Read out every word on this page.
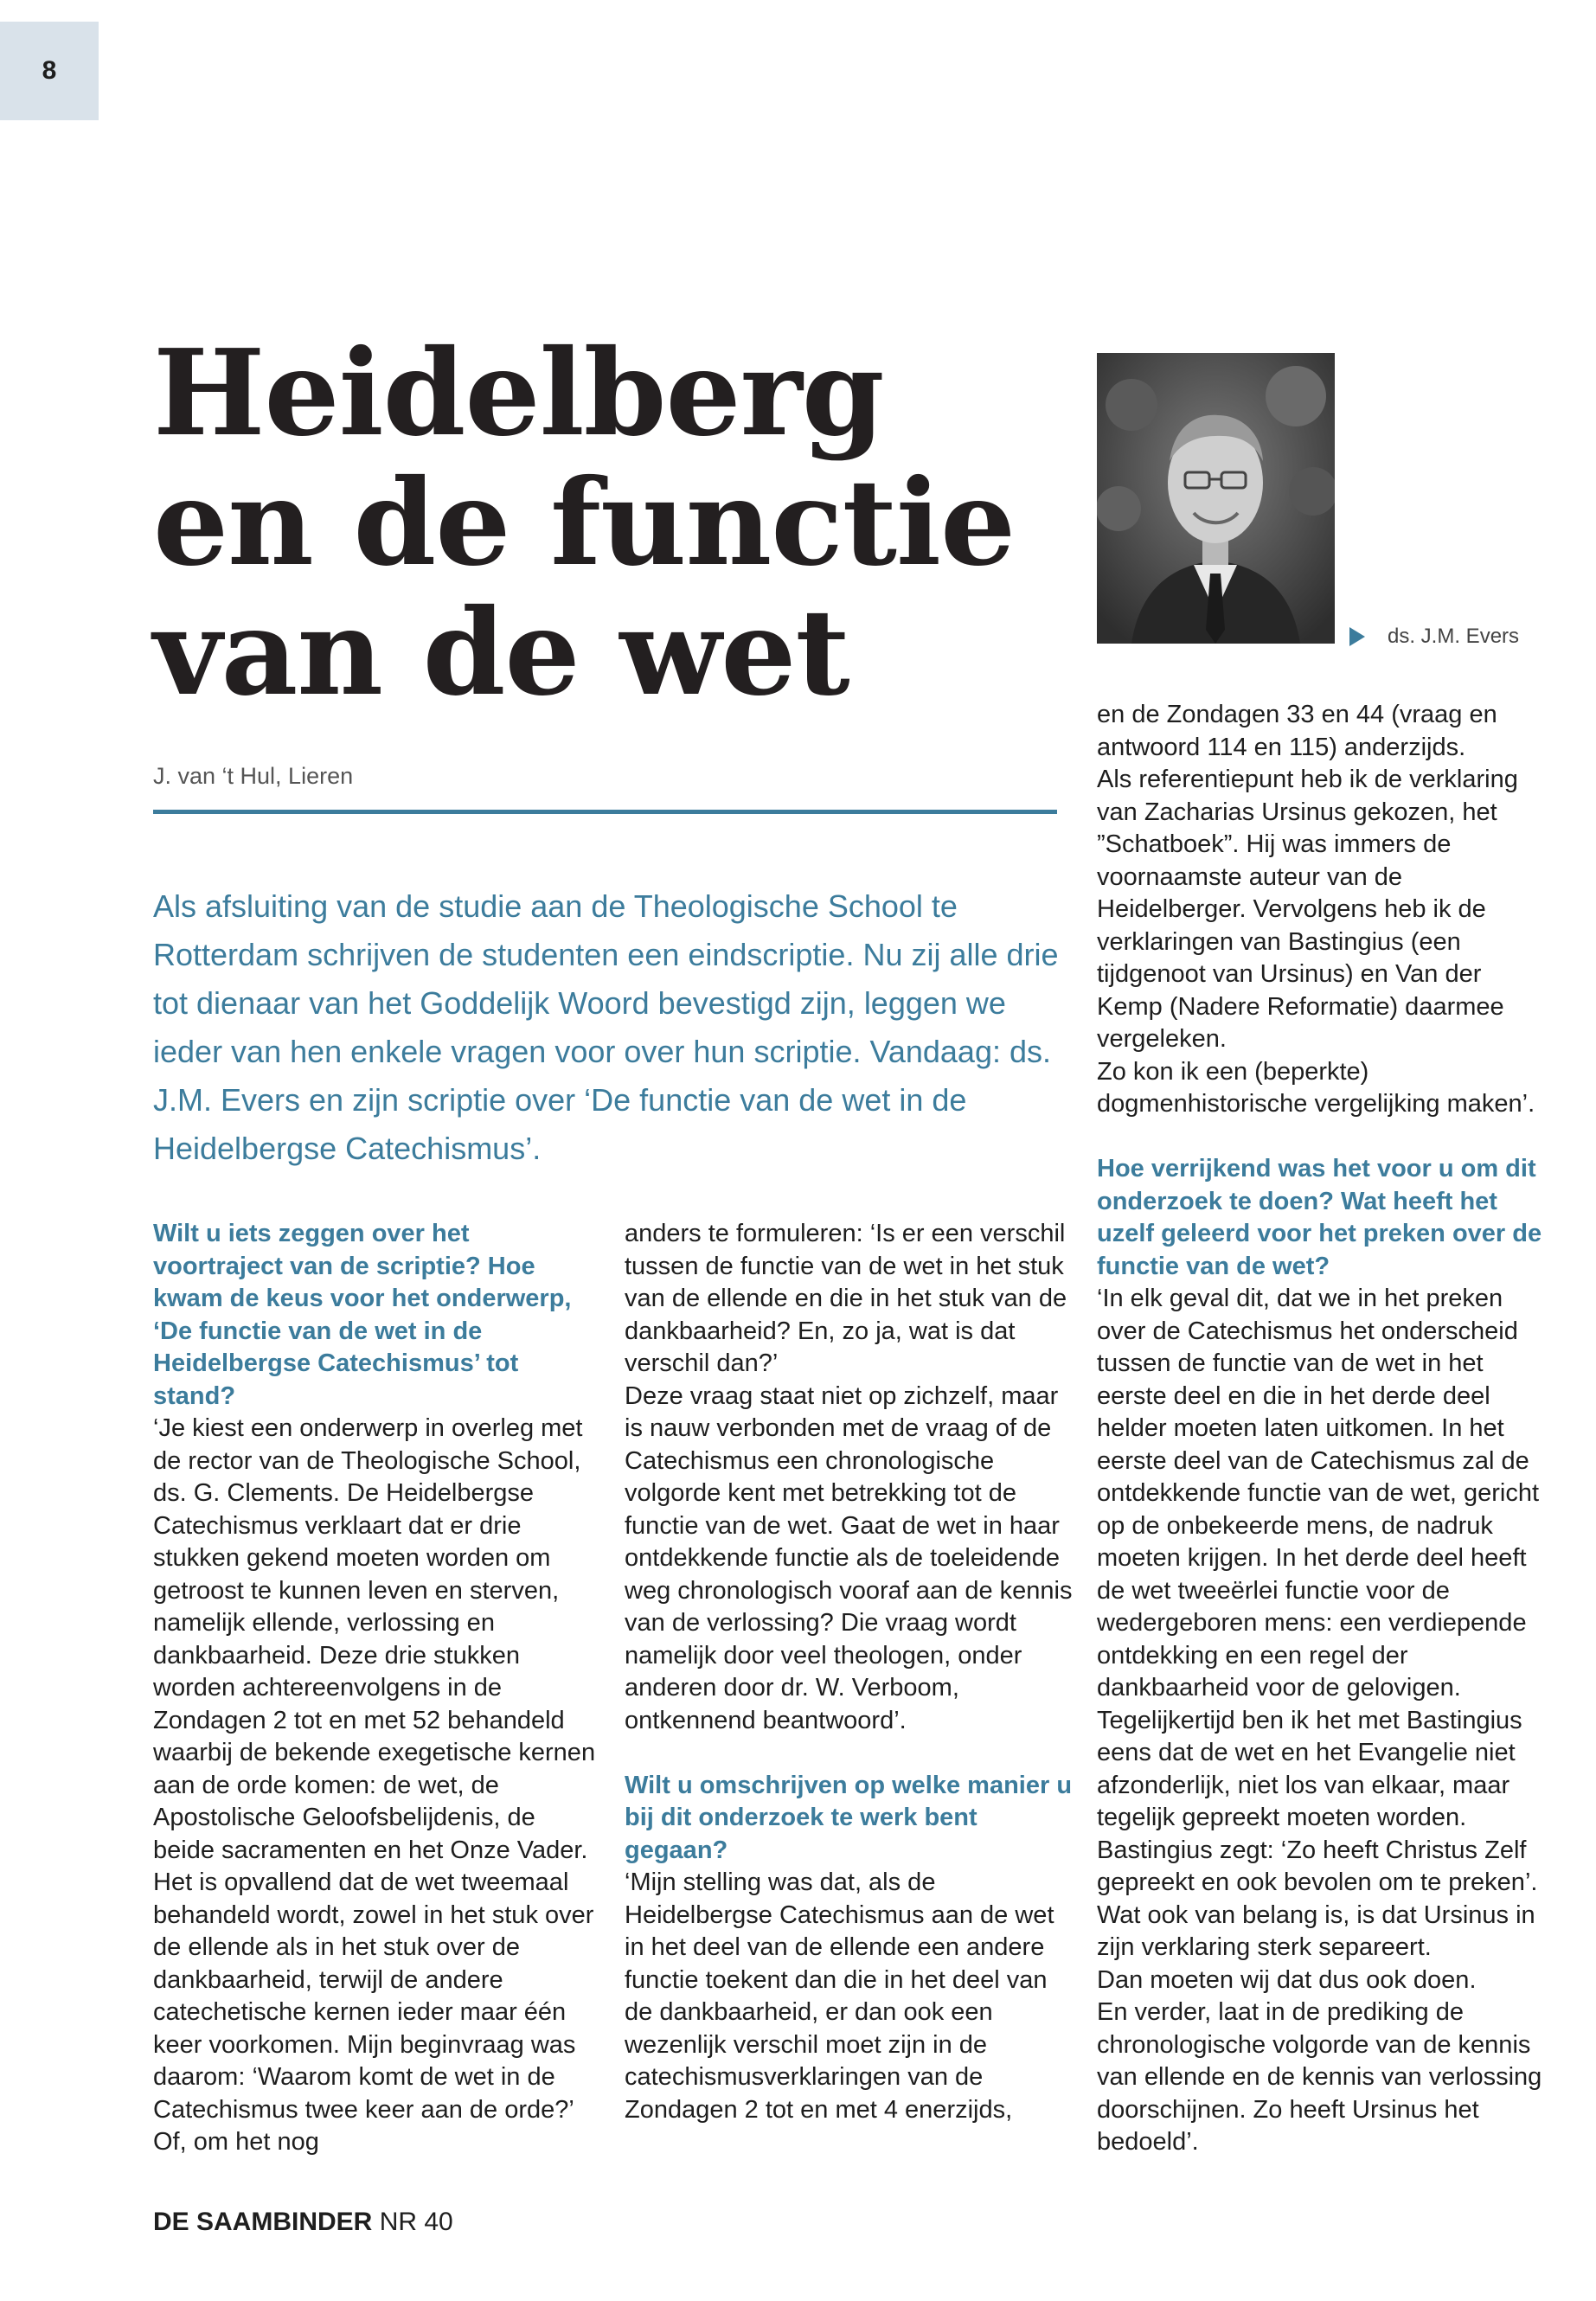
8
Heidelberg
en de functie
van de wet
J. van ‘t Hul, Lieren

Als afsluiting van de studie aan de Theologische School te Rotterdam schrijven de studenten een eindscriptie. Nu zij alle drie tot dienaar van het Goddelijk Woord bevestigd zijn, leggen we ieder van hen enkele vragen voor over hun scriptie. Vandaag: ds. J.M. Evers en zijn scriptie over ‘De functie van de wet in de Heidelbergse Catechismus’.

ds. J.M. Evers

Wilt u iets zeggen over het voortraject van de scriptie? Hoe kwam de keus voor het onderwerp, ‘De functie van de wet in de Heidelbergse Catechismus’ tot stand?

‘Je kiest een onderwerp in overleg met de rector van de Theologische School, ds. G. Clements. De Heidelbergse Catechismus verklaart dat er drie stukken gekend moeten worden om getroost te kunnen leven en sterven, namelijk ellende, verlossing en dankbaarheid. Deze drie stukken worden achtereenvolgens in de Zondagen 2 tot en met 52 behandeld waarbij de bekende exegetische kernen aan de orde komen: de wet, de Apostolische Geloofsbelijdenis, de beide sacramenten en het Onze Vader. Het is opvallend dat de wet tweemaal behandeld wordt, zowel in het stuk over de ellende als in het stuk over de dankbaarheid, terwijl de andere catechetische kernen ieder maar één keer voorkomen. Mijn beginvraag was daarom: ‘Waarom komt de wet in de Catechismus twee keer aan de orde?’ Of, om het nog

anders te formuleren: ‘Is er een verschil tussen de functie van de wet in het stuk van de ellende en die in het stuk van de dankbaarheid? En, zo ja, wat is dat verschil dan?’

Deze vraag staat niet op zichzelf, maar is nauw verbonden met de vraag of de Catechismus een chronologische volgorde kent met betrekking tot de functie van de wet. Gaat de wet in haar ontdekkende functie als de toeleidende weg chronologisch vooraf aan de kennis van de verlossing? Die vraag wordt namelijk door veel theologen, onder anderen door dr. W. Verboom, ontkennend beantwoord’.

Wilt u omschrijven op welke manier u bij dit onderzoek te werk bent gegaan?

‘Mijn stelling was dat, als de Heidelbergse Catechismus aan de wet in het deel van de ellende een andere functie toekent dan die in het deel van de dankbaarheid, er dan ook een wezenlijk verschil moet zijn in de catechismusverklaringen van de Zondagen 2 tot en met 4 enerzijds,

en de Zondagen 33 en 44 (vraag en antwoord 114 en 115) anderzijds.

Als referentiepunt heb ik de verklaring van Zacharias Ursinus gekozen, het ”Schatboek”. Hij was immers de voornaamste auteur van de Heidelberger. Vervolgens heb ik de verklaringen van Bastingius (een tijdgenoot van Ursinus) en Van der Kemp (Nadere Reformatie) daarmee vergeleken.

Zo kon ik een (beperkte) dogmenhistorische vergelijking maken’.

Hoe verrijkend was het voor u om dit onderzoek te doen? Wat heeft het uzelf geleerd voor het preken over de functie van de wet?

‘In elk geval dit, dat we in het preken over de Catechismus het onderscheid tussen de functie van de wet in het eerste deel en die in het derde deel helder moeten laten uitkomen. In het eerste deel van de Catechismus zal de ontdekkende functie van de wet, gericht op de onbekeerde mens, de nadruk moeten krijgen. In het derde deel heeft de wet tweeërlei functie voor de wedergeboren mens: een verdiepende ontdekking en een regel der dankbaarheid voor de gelovigen. Tegelijkertijd ben ik het met Bastingius eens dat de wet en het Evangelie niet afzonderlijk, niet los van elkaar, maar tegelijk gepreekt moeten worden. Bastingius zegt: ‘Zo heeft Christus Zelf gepreekt en ook bevolen om te preken’.

Wat ook van belang is, is dat Ursinus in zijn verklaring sterk separeert.

Dan moeten wij dat dus ook doen.

En verder, laat in de prediking de chronologische volgorde van de kennis van ellende en de kennis van verlossing doorschijnen. Zo heeft Ursinus het bedoeld’.

DE SAAMBINDER NR 40
